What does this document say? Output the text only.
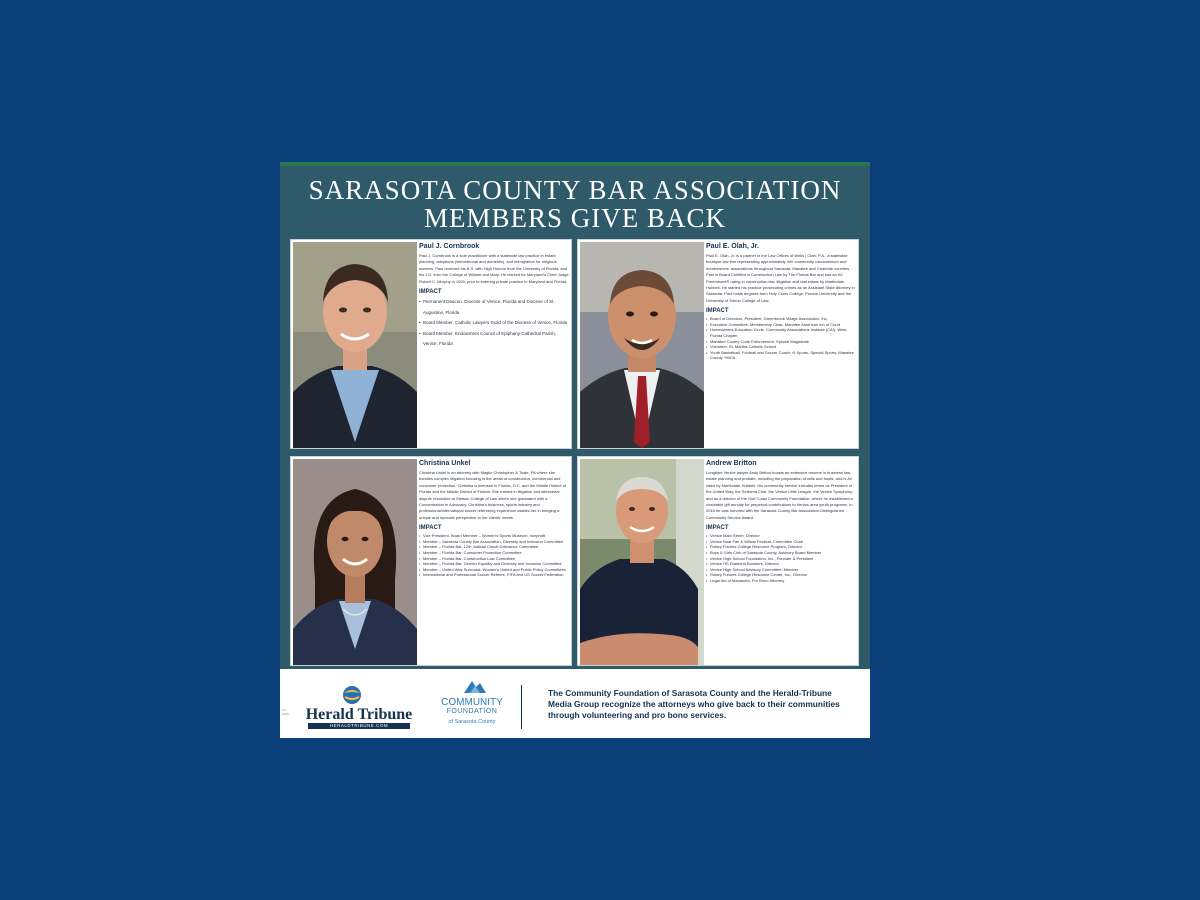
SARASOTA COUNTY BAR ASSOCIATION
MEMBERS GIVE BACK

Paul J. Cornbrook

Paul J. Cornbrook is a sole practitioner with a statewide law practice in estate planning, adoptions (international and domestic), and immigration for religious workers. Paul received his B.S. with High Honors from the University of Florida, and his J.D. from the College of William and Mary. He clerked for Maryland's Chief Judge Robert C. Murphy in 1990, prior to entering private practice in Maryland and Florida.

IMPACT

• Permanent Deacon, Diocese of Venice, Florida and Diocese of St. Augustine, Florida
• Board Member, Catholic Lawyers Guild of the Diocese of Venice, Florida
• Board Member, Endowment Council of Epiphany Cathedral Parish, Venice, Florida

Paul E. Olah, Jr.

Paul E. Olah, Jr. is a partner in the Law Offices of Wells | Olah, P.A., a statewide boutique law firm representing approximately 400 community condominium and homeowners' associations throughout Sarasota, Manatee and Charlotte counties. Paul is Board Certified in Construction Law by The Florida Bar and has an AV Preeminent® rating in construction law, litigation and real estate by Martindale-Hubbell. He started his practice prosecuting crimes as an Assistant State Attorney in Sarasota. Paul holds degrees from Holy Cross College, Purdue University and the University of Toledo College of Law.

IMPACT

• Board of Directors, President, Greenbrook Village Association, Inc.
• Executive Committee, Membership Chair, Manatee American Inn of Court
• Homeowners Education Circle, Community Associations Institute (CAI), West Florida Chapter
• Manatee County Code Enforcement, Special Magistrate
• Volunteer, St. Martha Catholic School
• Youth Basketball, Football and Soccer Coach, i9 Sports, Special Sports, Manatee County YMCA

Christina Unkel

Christina Unkel is an attorney with Maglio Christopher & Toale, PA where she handles complex litigation focusing in the areas of construction, commercial and consumer protection. Christina is licensed in Florida, D.C. and the Middle District of Florida and the Middle District of Florida. She trained in litigation and alternative dispute resolution at Stetson College of Law where she graduated with a Concentration in Advocacy. Christina's business, sports industry and professional/international soccer refereeing experience assists her in bringing a unique and dynamic perspective to her clients' needs.

IMPACT

• Vice President, Board Member – Women's Sports Museum, nonprofit
• Member – Sarasota County Bar Association, Diversity and Inclusion Committee
• Member – Florida Bar, 12th Judicial Circuit Grievance Committee
• Member – Florida Bar, Consumer Protection Committee
• Member – Florida Bar, Construction Law Committee
• Member – Florida Bar, Gender Equality and Diversity and Inclusion Committee
• Member – United Way Suncoast, Women's United and Public Policy Committees
• International and Professional Soccer Referee, FIFA and US Soccer Federation

Andrew Britton

Longtime Venice lawyer Andy Britton boasts an extensive resume in business law, estate planning and probate, including the preparation of wills and trusts, and is AV rated by Martindale-Hubbell. His community service includes terms as President of the United Way, the Sertoma Club, the Venice Little League, the Venice Symphony, and as a director of the Gulf Coast Community Foundation, where he established a charitable gift annuity for perpetual contributions to Venice-area youth programs. In 2016 he was honored with the Sarasota County Bar Association Distinguished Community Service Award.

IMPACT

• Venice Main Street, Director
• Venice Boat Fair & Willow Festival, Committee Chair
• Rotary Futures College Resource Program, Director
• Boys & Girls Club of Sarasota County, Advisory Board Member
• Venice High School Foundation, Inc., Founder & President
• Venice HS Diamond Boosters, Director
• Venice High School Advisory Committee, Member
• Rotary Futures College Resource Center, Inc., Director
• Legal Aid of Manasota, Pro Bono Attorney
Herald Tribune
HERALDTRIBUNE.COM
COMMUNITY
FOUNDATION
of Sarasota County

The Community Foundation of Sarasota County and the Herald-Tribune Media Group recognize the attorneys who give back to their communities through volunteering and pro bono services.

HT 1000
